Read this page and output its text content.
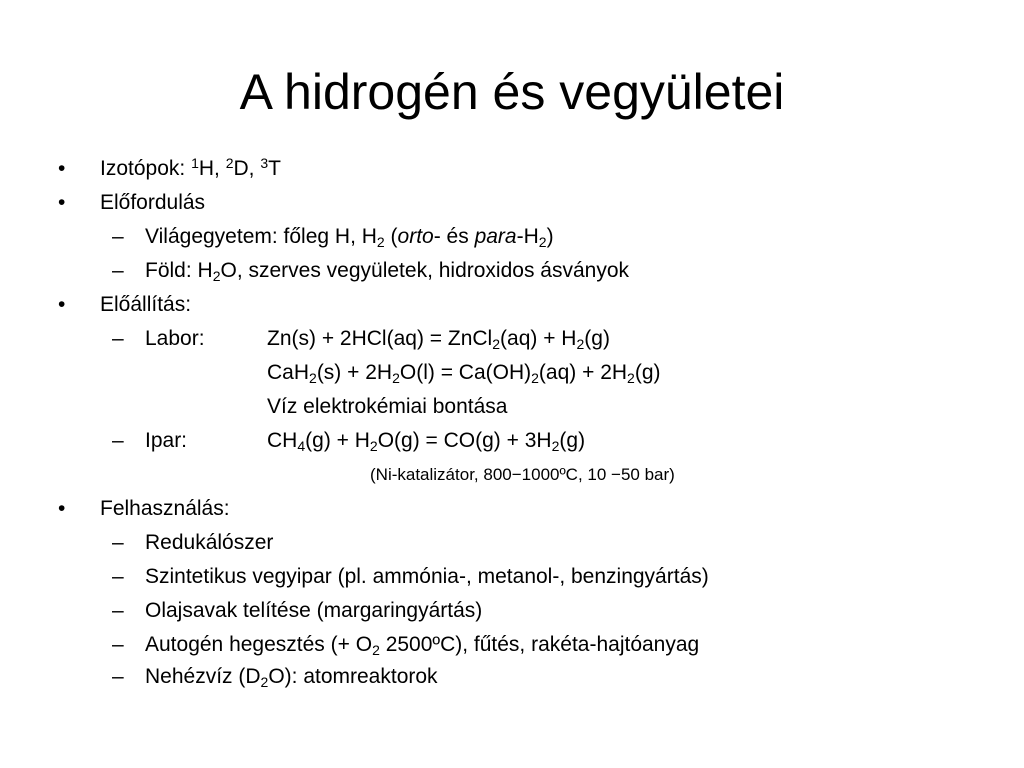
A hidrogén és vegyületei
• Izotópok: $^1$H, $^2$D, $^3$T
• Előfordulás
– Világegyetem: főleg H, $H_2$ (orto- és para-$H_2$)
– Föld: $H_2O$, szerves vegyületek, hidroxidos ásványok
• Előállítás:
– Labor:	Zn(s) + 2HCl(aq) = ZnCl$_2$(aq) + $H_2(g)$
$CaH_2(s) + 2H_2O(l) = Ca(OH)_2(aq) + 2H_2(g)$
Víz elektrokémiai bontása
– Ipar:	$CH_4(g) + H_2O(g) = CO(g) + 3H_2(g)$
(Ni-katalizátor, 800−1000ºC, 10 −50 bar)
• Felhasználás:
– Redukálószer
– Szintetikus vegyipar (pl. ammónia-, metanol-, benzingyártás)
– Olajsavak telítése (margaringyártás)
– Autogén hegesztés (+ $O_2$ 2500ºC), fűtés, rakéta-hajtóanyag
– Nehézvíz $(D_2O)$: atomreaktorok
